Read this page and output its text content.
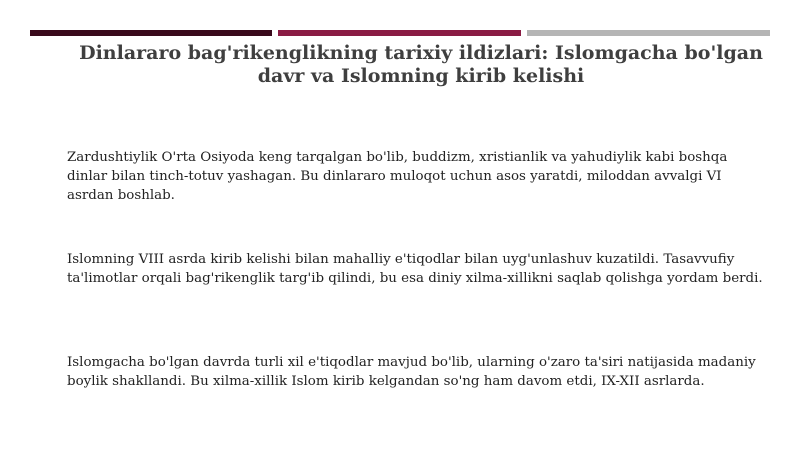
Dinlararo bag'rikenglikning tarixiy ildizlari: Islomgacha bo'lgan davr va Islomning kirib kelishi

Zardushtiylik O'rta Osiyoda keng tarqalgan bo'lib, buddizm, xristianlik va yahudiylik kabi boshqa dinlar bilan tinch-totuv yashagan. Bu dinlararo muloqot uchun asos yaratdi, miloddan avvalgi VI asrdan boshlab.

Islomning VIII asrda kirib kelishi bilan mahalliy e'tiqodlar bilan uyg'unlashuv kuzatildi. Tasavvufiy ta'limotlar orqali bag'rikenglik targ'ib qilindi, bu esa diniy xilma-xillikni saqlab qolishga yordam berdi.

Islomgacha bo'lgan davrda turli xil e'tiqodlar mavjud bo'lib, ularning o'zaro ta'siri natijasida madaniy boylik shakllandi. Bu xilma-xillik Islom kirib kelgandan so'ng ham davom etdi, IX-XII asrlarda.
